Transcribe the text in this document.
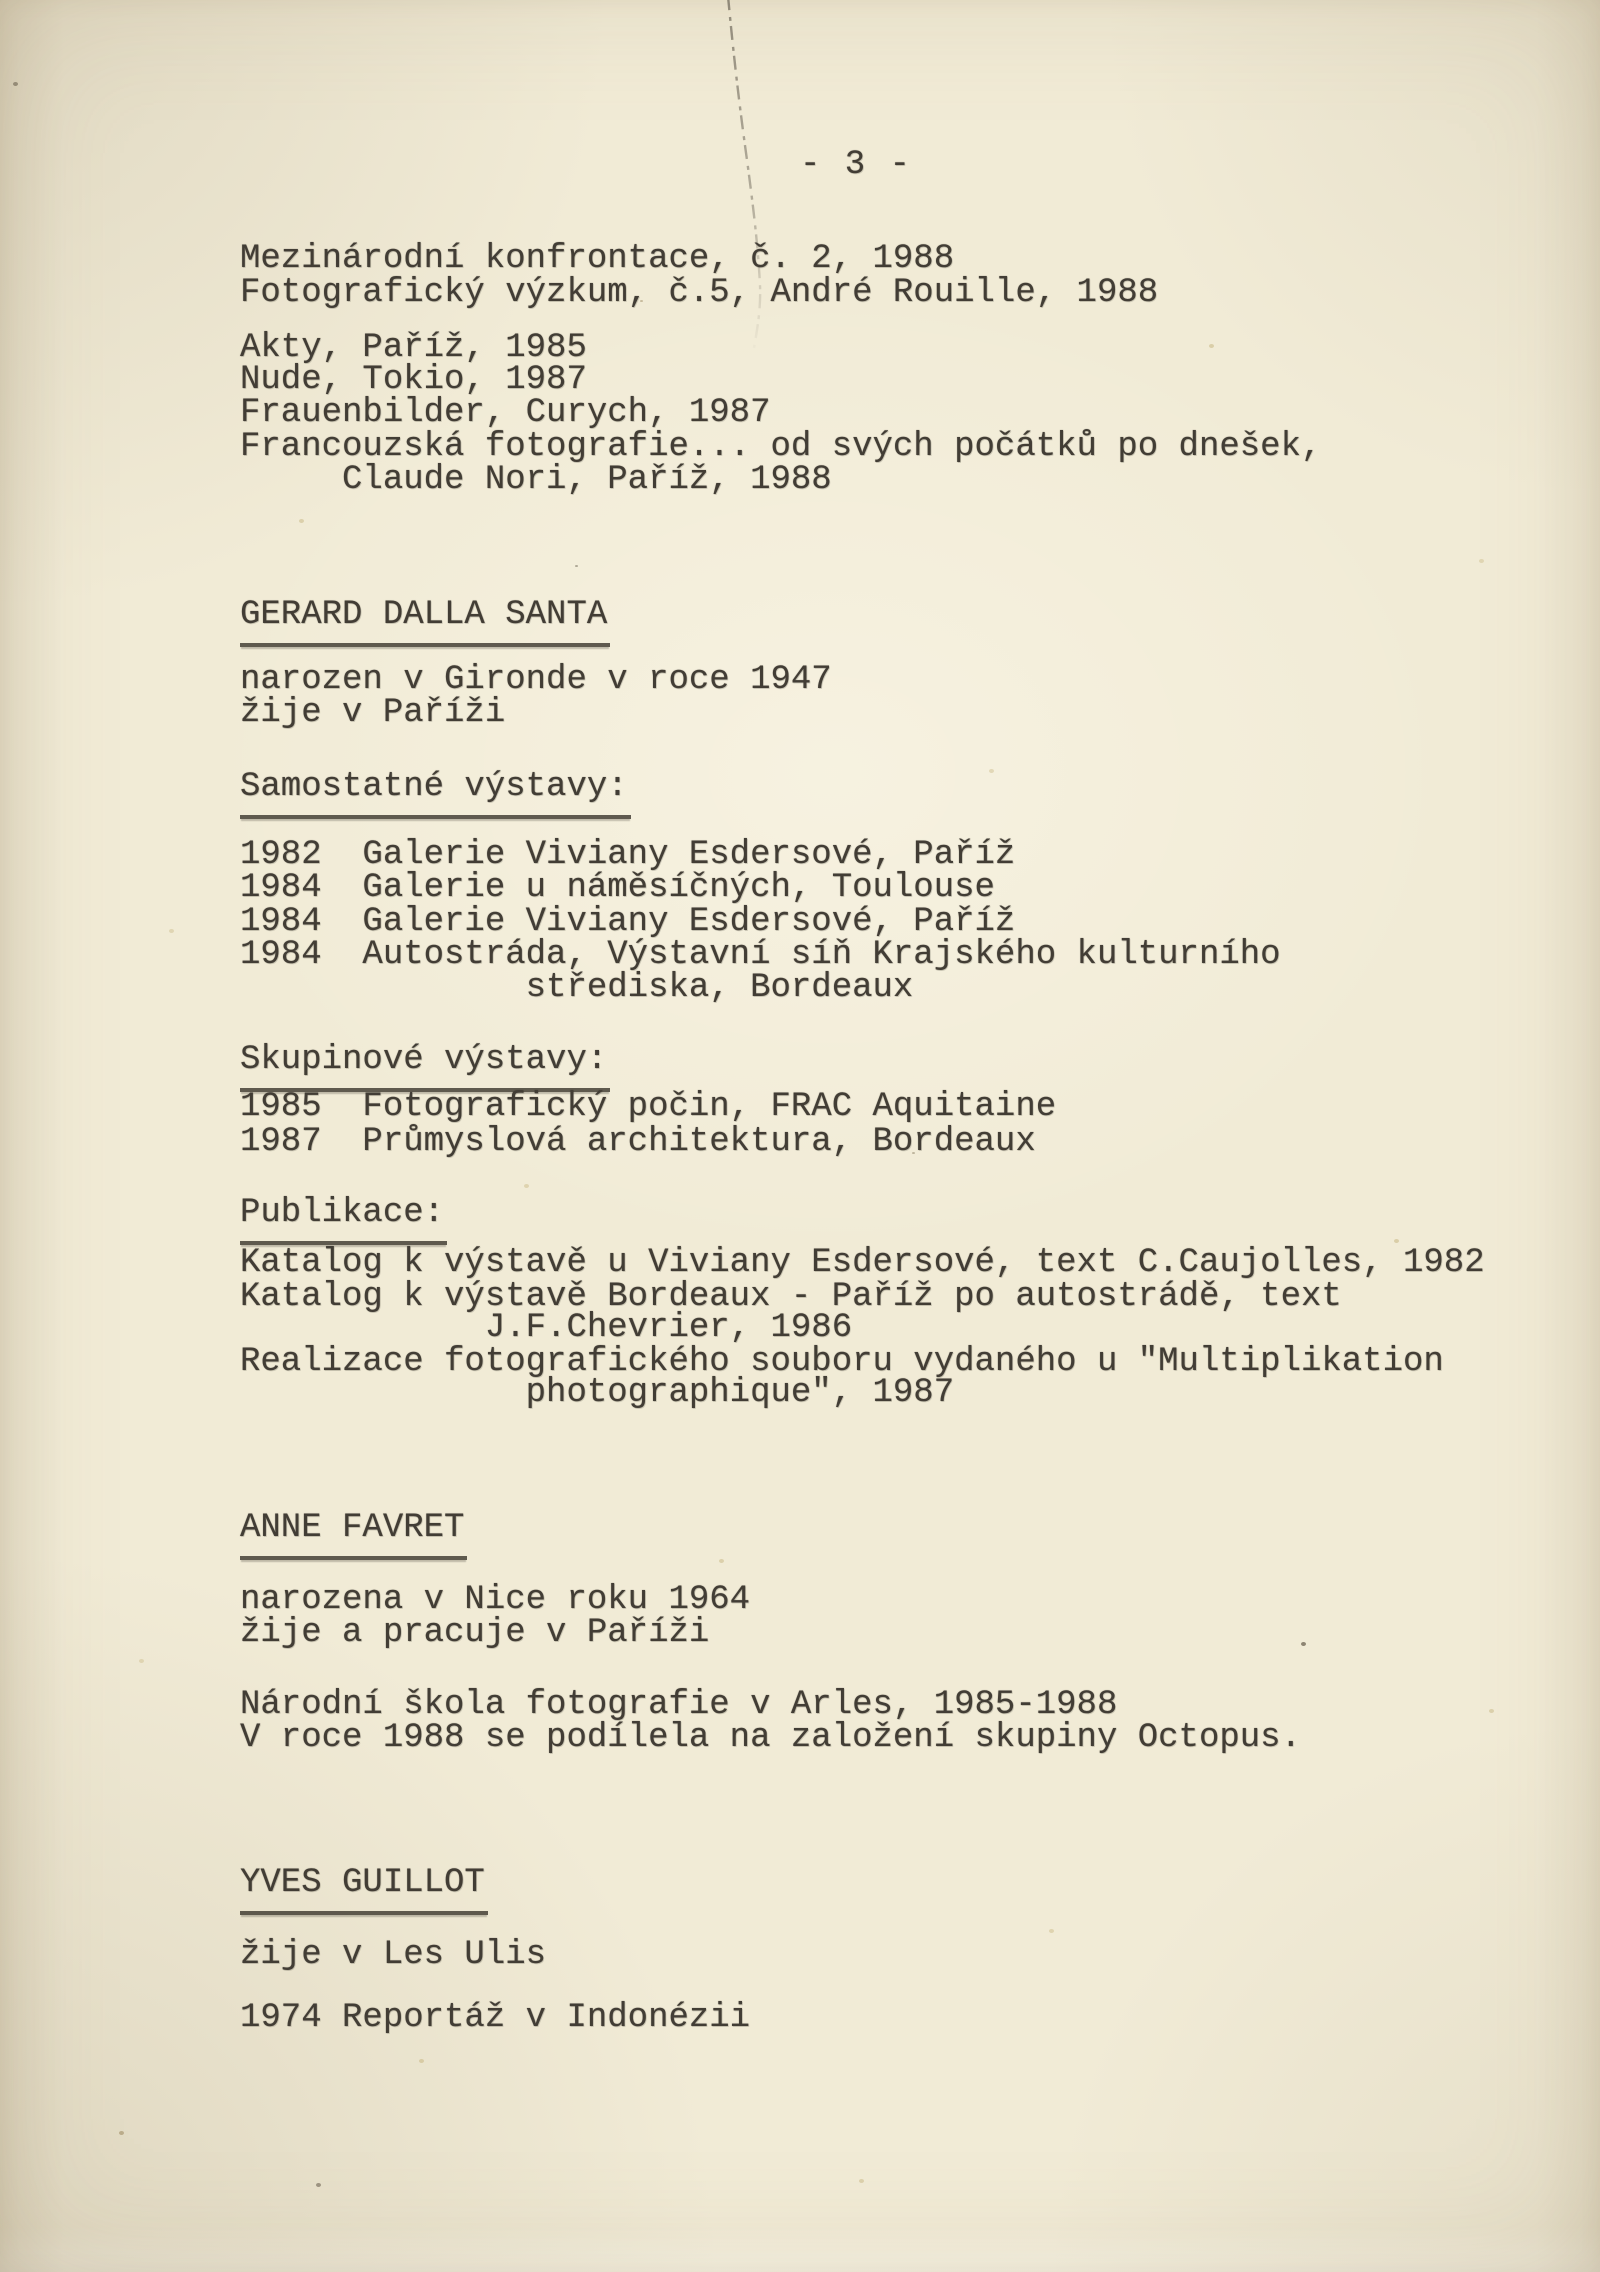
- 3 -
Mezinárodní konfrontace, č. 2, 1988
Fotografický výzkum, č.5, André Rouille, 1988
Akty, Paříž, 1985
Nude, Tokio, 1987
Frauenbilder, Curych, 1987
Francouzská fotografie... od svých počátků po dnešek,
Claude Nori, Paříž, 1988
GERARD DALLA SANTA
narozen v Gironde v roce 1947
žije v Paříži
Samostatné výstavy:
1982  Galerie Viviany Esdersové, Paříž
1984  Galerie u náměsíčných, Toulouse
1984  Galerie Viviany Esdersové, Paříž
1984  Autostráda, Výstavní síň Krajského kulturního
střediska, Bordeaux
Skupinové výstavy:
1985  Fotografický počin, FRAC Aquitaine
1987  Průmyslová architektura, Bordeaux
Publikace:
Katalog k výstavě u Viviany Esdersové, text C.Caujolles, 1982
Katalog k výstavě Bordeaux - Paříž po autostrádě, text
J.F.Chevrier, 1986
Realizace fotografického souboru vydaného u "Multiplikation
photographique", 1987
ANNE FAVRET
narozena v Nice roku 1964
žije a pracuje v Paříži
Národní škola fotografie v Arles, 1985-1988
V roce 1988 se podílela na založení skupiny Octopus.
YVES GUILLOT
žije v Les Ulis
1974 Reportáž v Indonézii
